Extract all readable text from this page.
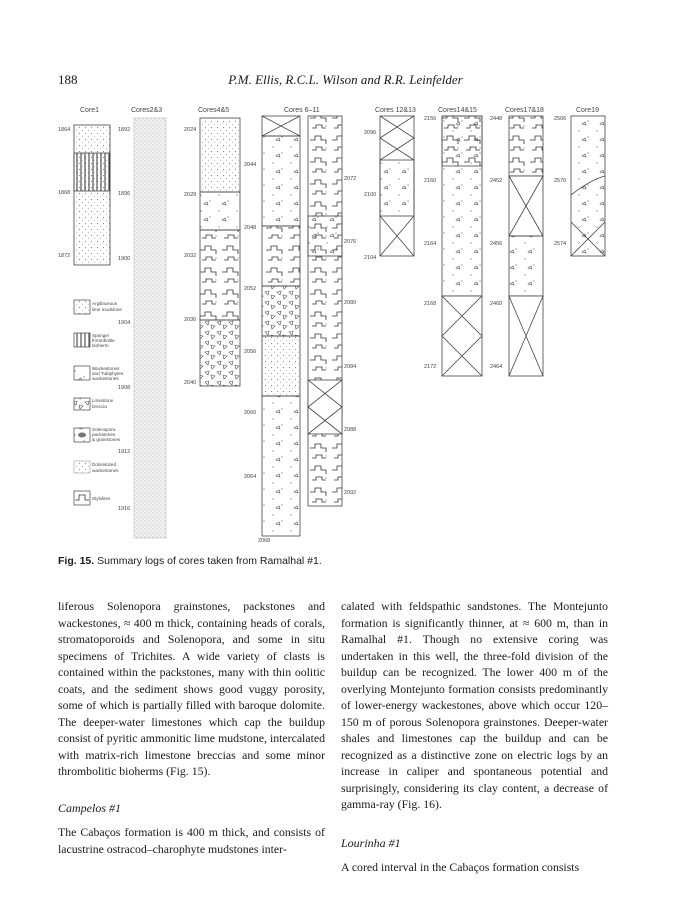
188	P.M. Ellis, R.C.L. Wilson and R.R. Leinfelder
Core1	Cores2&3	Cores4&5	Cores 6–11	Cores 12&13	Cores14&15	Cores17&18	Core19
1864
1868
1872
1892
1896
1900
1904
1908
1912
1916
Argillaceous
lime mudstone
Sponge/
thrombolite
bioherm
Wackestones
and Tubiphytes
wackestones
Limestone
breccia
Solenopora
packstones
& grainstones
Dolomitized
wackestones
Stylolites
2024
2028
2032
2036
2040
2044
2048
2052
2056
2060
2064
2068
2072
2076
2080
2084
2088
2092
2096
2100
2104
2156
2160
2164
2168
2172
2448
2452
2456
2460
2464
2566
2570
2574
Fig. 15. Summary logs of cores taken from Ramalhal #1.

liferous Solenopora grainstones, packstones and wackestones, ≈ 400 m thick, containing heads of corals, stromatoporoids and Solenopora, and some in situ specimens of Trichites. A wide variety of clasts is contained within the packstones, many with thin oolitic coats, and the sediment shows good vuggy porosity, some of which is partially filled with baroque dolomite. The deeper-water limestones which cap the buildup consist of pyritic ammonitic lime mudstone, intercalated with matrix-rich limestone breccias and some minor thrombolitic bioherms (Fig. 15).

Campelos #1

The Cabaços formation is 400 m thick, and consists of lacustrine ostracod–charophyte mudstones inter-

calated with feldspathic sandstones. The Montejunto formation is significantly thinner, at ≈ 600 m, than in Ramalhal #1. Though no extensive coring was undertaken in this well, the three-fold division of the buildup can be recognized. The lower 400 m of the overlying Montejunto formation consists predominantly of lower-energy wackestones, above which occur 120–150 m of porous Solenopora grainstones. Deeper-water shales and limestones cap the buildup and can be recognized as a distinctive zone on electric logs by an increase in caliper and spontaneous potential and surprisingly, considering its clay content, a decrease of gamma-ray (Fig. 16).

Lourinha #1

A cored interval in the Cabaços formation consists
